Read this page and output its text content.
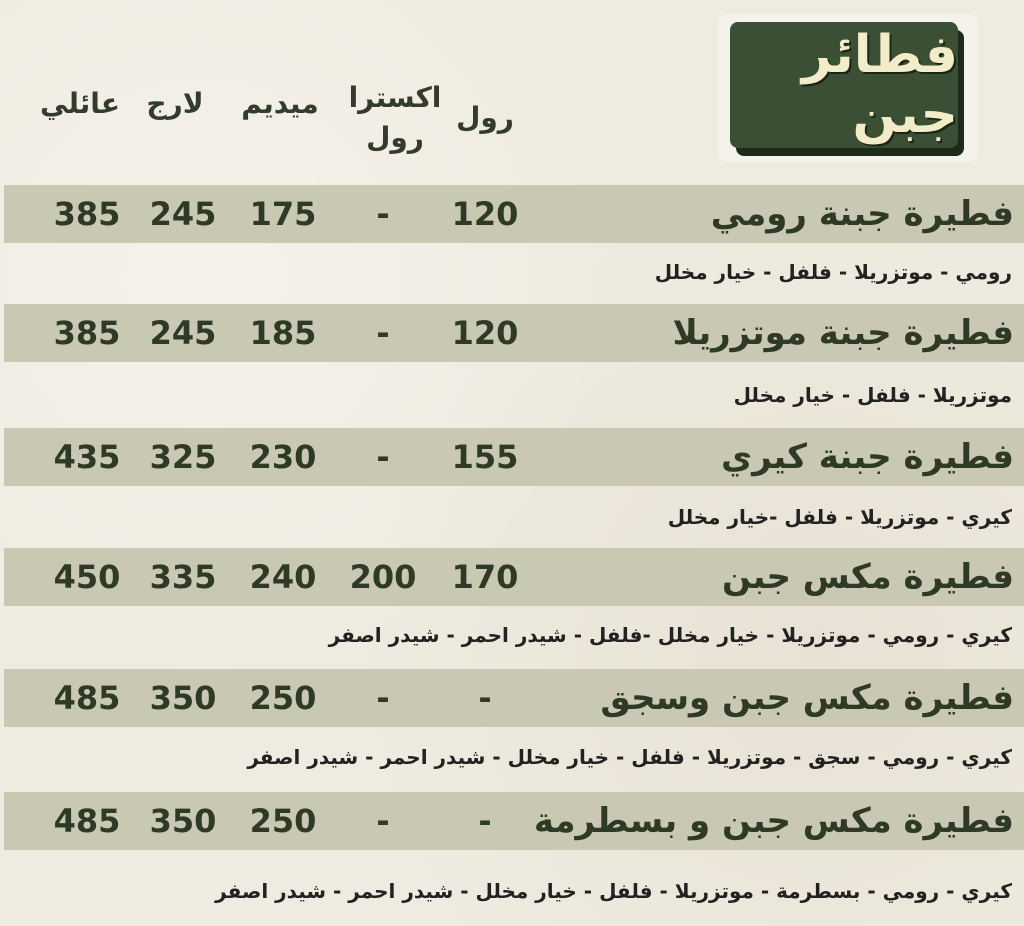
فطائر جبن
رول
اكسترا رول
ميديم
لارج
عائلي
فطيرة جبنة رومي
120
-
175
245
385
رومي - موتزريلا - فلفل - خيار مخلل
فطيرة جبنة موتزريلا
120
-
185
245
385
موتزريلا - فلفل - خيار مخلل
فطيرة جبنة كيري
155
-
230
325
435
كيري - موتزريلا - فلفل -خيار مخلل
فطيرة مكس جبن
170
200
240
335
450
كيري - رومي - موتزريلا - خيار مخلل -فلفل - شيدر احمر - شيدر اصفر
فطيرة مكس جبن وسجق
-
-
250
350
485
كيري - رومي - سجق - موتزريلا - فلفل - خيار مخلل - شيدر احمر - شيدر اصفر
فطيرة مكس جبن و بسطرمة
-
-
250
350
485
كيري - رومي - بسطرمة - موتزريلا - فلفل - خيار مخلل - شيدر احمر - شيدر اصفر
